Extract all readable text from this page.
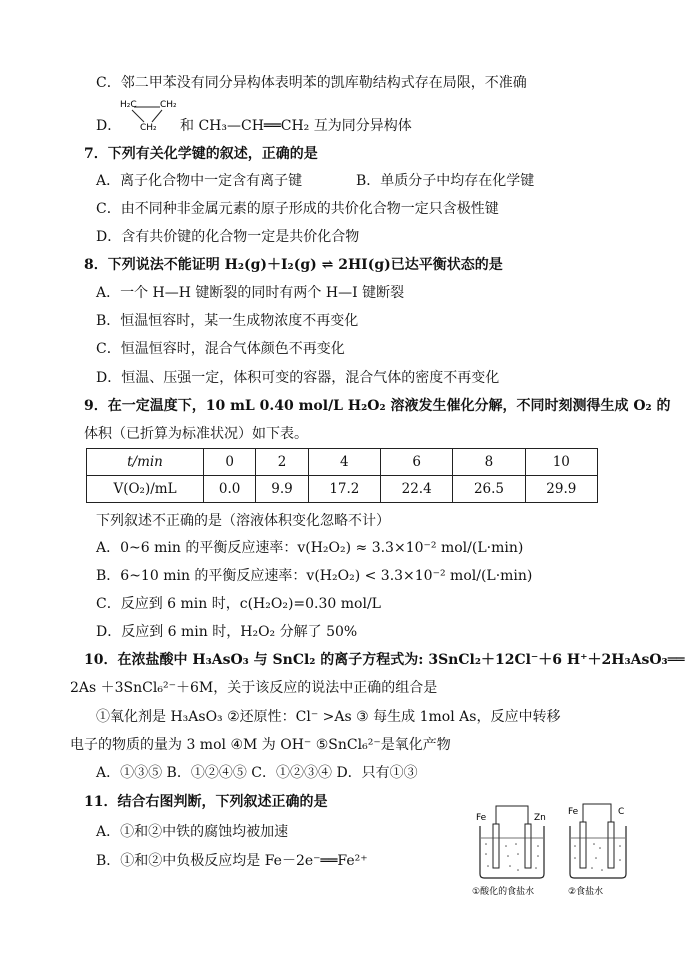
C．邻二甲苯没有同分异构体表明苯的凯库勒结构式存在局限，不准确
D．
H₂C	CH₂
CH₂ 和 CH₃—CH══CH₂ 互为同分异构体
7．下列有关化学键的叙述，正确的是
A．离子化合物中一定含有离子键	B．单质分子中均存在化学键
C．由不同种非金属元素的原子形成的共价化合物一定只含极性键
D．含有共价键的化合物一定是共价化合物
8．下列说法不能证明 H₂(g)＋I₂(g) ⇌ 2HI(g)已达平衡状态的是
A．一个 H—H 键断裂的同时有两个 H—I 键断裂
B．恒温恒容时，某一生成物浓度不再变化
C．恒温恒容时，混合气体颜色不再变化
D．恒温、压强一定，体积可变的容器，混合气体的密度不再变化
9．在一定温度下，10 mL 0.40 mol/L H₂O₂ 溶液发生催化分解，不同时刻测得生成 O₂ 的
体积（已折算为标准状况）如下表。
t/min	0	2	4	6	8	10
V(O₂)/mL	0.0	9.9	17.2	22.4	26.5	29.9
下列叙述不正确的是（溶液体积变化忽略不计）
A．0~6 min 的平衡反应速率：v(H₂O₂) ≈ 3.3×10⁻² mol/(L·min)
B．6~10 min 的平衡反应速率：v(H₂O₂) < 3.3×10⁻² mol/(L·min)
C．反应到 6 min 时，c(H₂O₂)=0.30 mol/L
D．反应到 6 min 时，H₂O₂ 分解了 50%
10．在浓盐酸中 H₃AsO₃ 与 SnCl₂ 的离子方程式为: 3SnCl₂＋12Cl⁻＋6 H⁺＋2H₃AsO₃══
2As ＋3SnCl₆²⁻＋6M，关于该反应的说法中正确的组合是
①氧化剂是 H₃AsO₃ ②还原性：Cl⁻ >As ③ 每生成 1mol As，反应中转移
电子的物质的量为 3 mol ④M 为 OH⁻ ⑤SnCl₆²⁻是氧化产物
A．①③⑤ B．①②④⑤ C．①②③④ D．只有①③
11．结合右图判断，下列叙述正确的是
A．①和②中铁的腐蚀均被加速
B．①和②中负极反应均是 Fe－2e⁻══Fe²⁺
Fe	Zn
①酸化的食盐水
Fe	C
②食盐水
